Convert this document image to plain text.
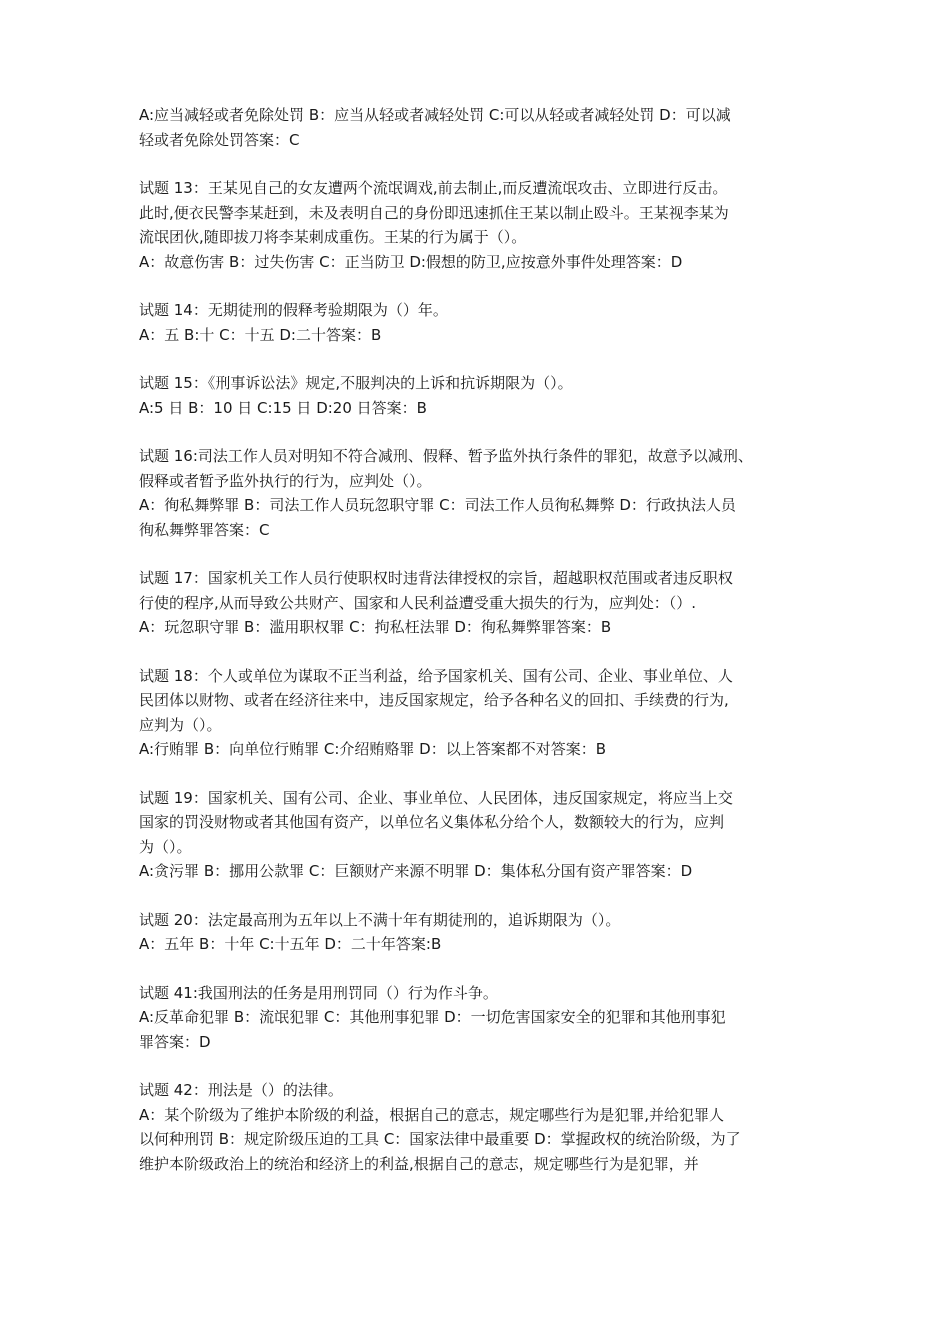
A:应当减轻或者免除处罚 B：应当从轻或者减轻处罚 C:可以从轻或者减轻处罚 D：可以减
轻或者免除处罚答案：C
试题 13：王某见自己的女友遭两个流氓调戏,前去制止,而反遭流氓攻击、立即进行反击。
此时,便衣民警李某赶到，未及表明自己的身份即迅速抓住王某以制止殴斗。王某视李某为
流氓团伙,随即拔刀将李某刺成重伤。王某的行为属于（）。
A：故意伤害 B：过失伤害 C：正当防卫 D:假想的防卫,应按意外事件处理答案：D
试题 14：无期徒刑的假释考验期限为（）年。
A：五 B:十 C：十五 D:二十答案：B
试题 15：《刑事诉讼法》规定,不服判决的上诉和抗诉期限为（）。
A:5 日 B：10 日 C:15 日 D:20 日答案：B
试题 16:司法工作人员对明知不符合减刑、假释、暂予监外执行条件的罪犯，故意予以减刑、
假释或者暂予监外执行的行为，应判处（）。
A：徇私舞弊罪 B：司法工作人员玩忽职守罪 C：司法工作人员徇私舞弊 D：行政执法人员
徇私舞弊罪答案：C
试题 17：国家机关工作人员行使职权时违背法律授权的宗旨，超越职权范围或者违反职权
行使的程序,从而导致公共财产、国家和人民利益遭受重大损失的行为，应判处：（）.
A：玩忽职守罪 B：滥用职权罪 C：拘私枉法罪 D：徇私舞弊罪答案：B
试题 18：个人或单位为谋取不正当利益，给予国家机关、国有公司、企业、事业单位、人
民团体以财物、或者在经济往来中，违反国家规定，给予各种名义的回扣、手续费的行为,
应判为（）。
A:行贿罪 B：向单位行贿罪 C:介绍贿赂罪 D：以上答案都不对答案：B
试题 19：国家机关、国有公司、企业、事业单位、人民团体，违反国家规定，将应当上交
国家的罚没财物或者其他国有资产，以单位名义集体私分给个人，数额较大的行为，应判
为（）。
A:贪污罪 B：挪用公款罪 C：巨额财产来源不明罪 D：集体私分国有资产罪答案：D
试题 20：法定最高刑为五年以上不满十年有期徒刑的，追诉期限为（）。
A：五年 B：十年 C:十五年 D：二十年答案:B
试题 41:我国刑法的任务是用刑罚同（）行为作斗争。
A:反革命犯罪 B：流氓犯罪 C：其他刑事犯罪 D：一切危害国家安全的犯罪和其他刑事犯
罪答案：D
试题 42：刑法是（）的法律。
A：某个阶级为了维护本阶级的利益，根据自己的意志，规定哪些行为是犯罪,并给犯罪人
以何种刑罚 B：规定阶级压迫的工具 C：国家法律中最重要 D：掌握政权的统治阶级，为了
维护本阶级政治上的统治和经济上的利益,根据自己的意志，规定哪些行为是犯罪，并
